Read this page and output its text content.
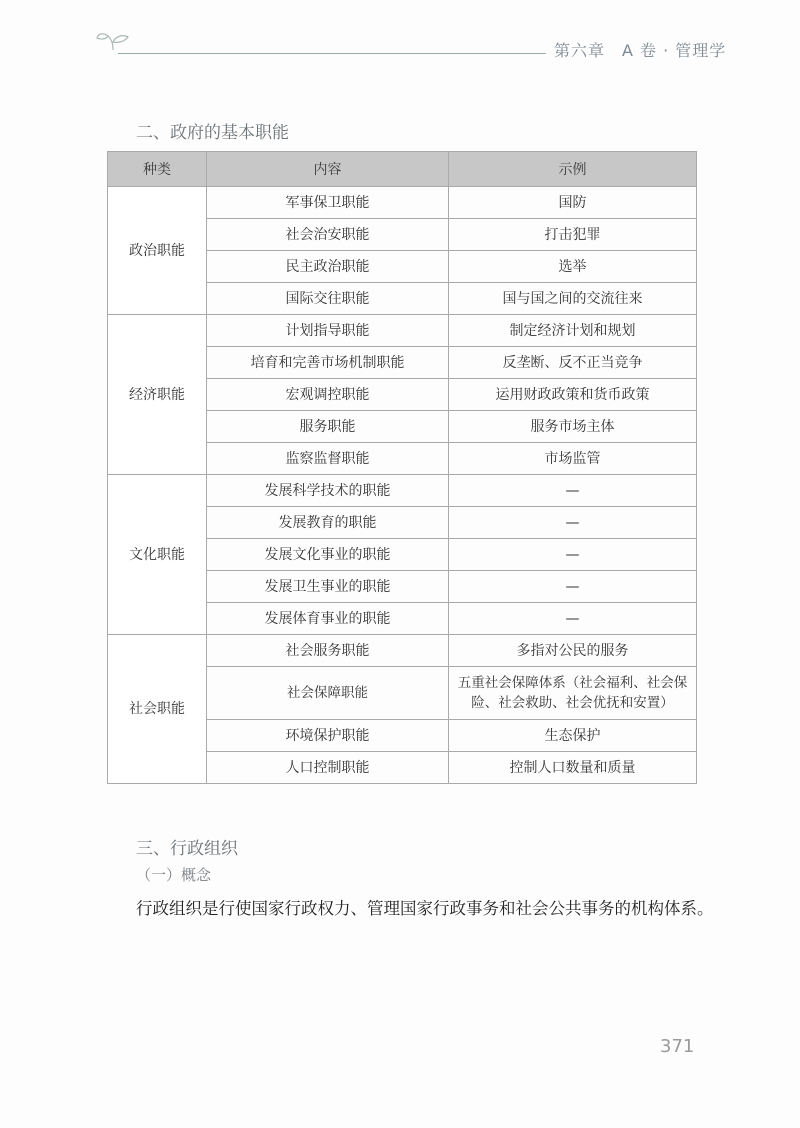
第六章　A 卷 · 管理学
二、政府的基本职能
种类	内容	示例
政治职能	军事保卫职能	国防
	社会治安职能	打击犯罪
	民主政治职能	选举
	国际交往职能	国与国之间的交流往来
经济职能	计划指导职能	制定经济计划和规划
	培育和完善市场机制职能	反垄断、反不正当竞争
	宏观调控职能	运用财政政策和货币政策
	服务职能	服务市场主体
	监察监督职能	市场监管
文化职能	发展科学技术的职能	—
	发展教育的职能	—
	发展文化事业的职能	—
	发展卫生事业的职能	—
	发展体育事业的职能	—
社会职能	社会服务职能	多指对公民的服务
	社会保障职能	五重社会保障体系（社会福利、社会保险、社会救助、社会优抚和安置）
	环境保护职能	生态保护
	人口控制职能	控制人口数量和质量
三、行政组织
（一）概念
行政组织是行使国家行政权力、管理国家行政事务和社会公共事务的机构体系。
371
